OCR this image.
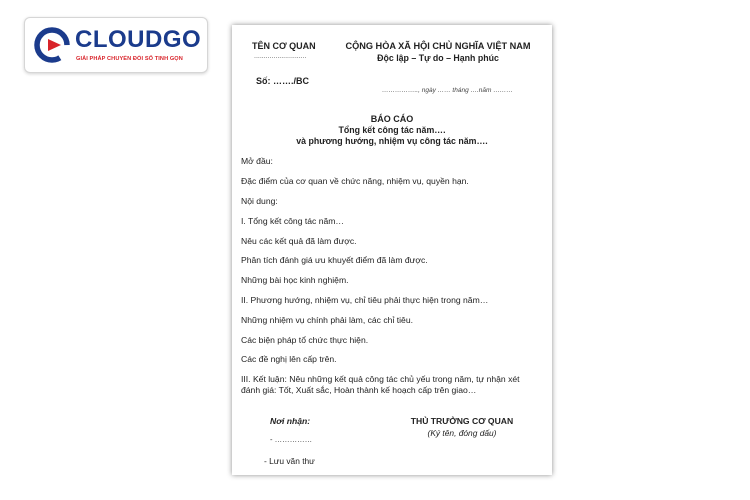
CLOUDGO
GIẢI PHÁP CHUYỂN ĐỔI SỐ TINH GỌN
TÊN CƠ QUAN
...........................
Số: ……./BC
CỘNG HÒA XÃ HỘI CHỦ NGHĨA VIỆT NAM
Độc lập – Tự do – Hạnh phúc
…………….., ngày …… tháng ….năm ………
BÁO CÁO
Tổng kết công tác năm….
và phương hướng, nhiệm vụ công tác năm….
Mở đầu:
Đặc điểm của cơ quan về chức năng, nhiệm vụ, quyền hạn.
Nội dung:
I. Tổng kết công tác năm…
Nêu các kết quả đã làm được.
Phân tích đánh giá ưu khuyết điểm đã làm được.
Những bài học kinh nghiệm.
II. Phương hướng, nhiệm vụ, chỉ tiêu phải thực hiện trong năm…
Những nhiệm vụ chính phải làm, các chỉ tiêu.
Các biện pháp tổ chức thực hiện.
Các đề nghị lên cấp trên.
III. Kết luận: Nêu những kết quả công tác chủ yếu trong năm, tự nhận xét
đánh giá: Tốt, Xuất sắc, Hoàn thành kế hoạch cấp trên giao…
Nơi nhận:
- ……………
- Lưu văn thư
THỦ TRƯỞNG CƠ QUAN
(Ký tên, đóng dấu)
